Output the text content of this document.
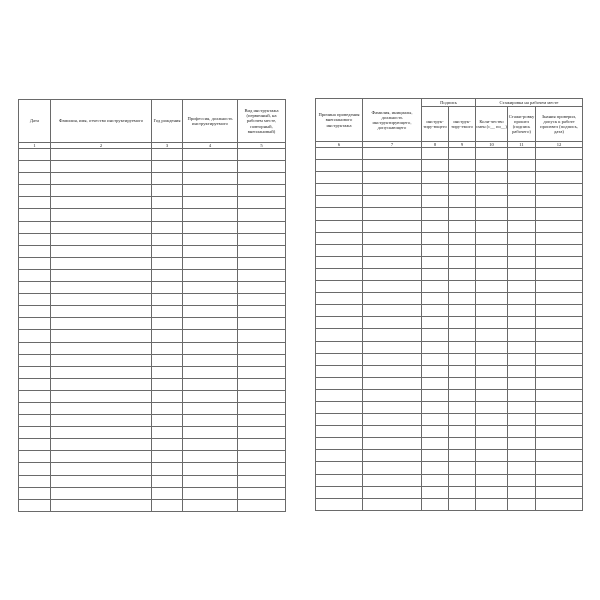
Дата	Фамилия, имя, отчество инструктируемого	Год рождения	Профессия, должность инструктируемого	Вид инструктажа (первичный, на рабочем месте, повторный, внеплановый)
1	2	3	4	5

Причина проведения внепланового инструктажа	Фамилия, инициалы, должность инструктирующего, допускающего	Подпись		Стажировка на рабочем месте		
		инструк-тиру-ющего	инструк-тиру-емого	Коли-чество смен (с__ по__)	Стажи-ровку прошел (подпись рабочего)	Знания проверил, допуск к работе произвел (подпись, дата)
6	7	8	9	10	11	12
